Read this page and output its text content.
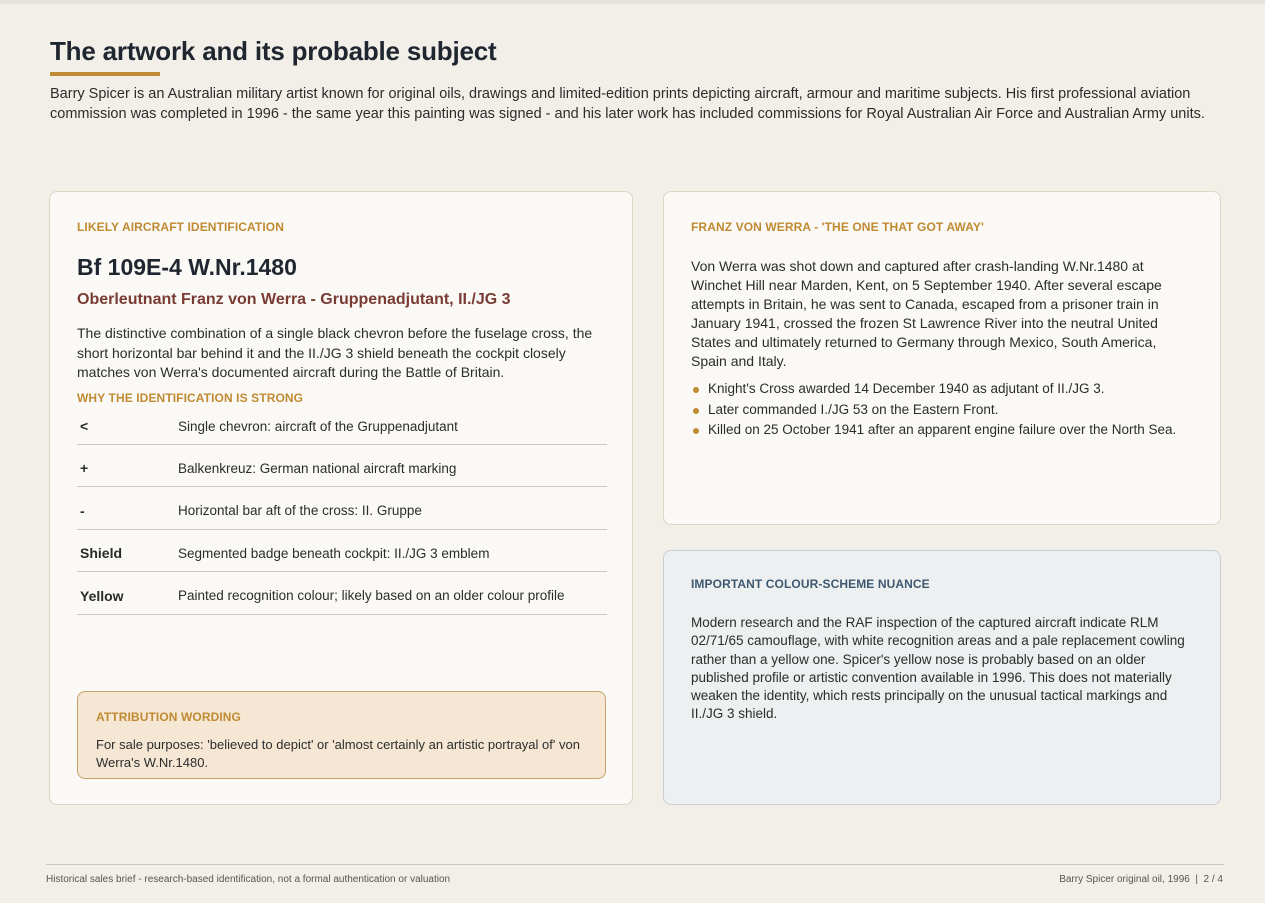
The artwork and its probable subject

Barry Spicer is an Australian military artist known for original oils, drawings and limited-edition prints depicting aircraft, armour and maritime subjects. His first professional aviation commission was completed in 1996 - the same year this painting was signed - and his later work has included commissions for Royal Australian Air Force and Australian Army units.

LIKELY AIRCRAFT IDENTIFICATION
Bf 109E-4 W.Nr.1480
Oberleutnant Franz von Werra - Gruppenadjutant, II./JG 3

The distinctive combination of a single black chevron before the fuselage cross, the short horizontal bar behind it and the II./JG 3 shield beneath the cockpit closely matches von Werra's documented aircraft during the Battle of Britain.

WHY THE IDENTIFICATION IS STRONG
<	Single chevron: aircraft of the Gruppenadjutant
+	Balkenkreuz: German national aircraft marking
-	Horizontal bar aft of the cross: II. Gruppe
Shield	Segmented badge beneath cockpit: II./JG 3 emblem
Yellow	Painted recognition colour; likely based on an older colour profile
ATTRIBUTION WORDING

For sale purposes: 'believed to depict' or 'almost certainly an artistic portrayal of' von Werra's W.Nr.1480.

FRANZ VON WERRA - 'THE ONE THAT GOT AWAY'

Von Werra was shot down and captured after crash-landing W.Nr.1480 at Winchet Hill near Marden, Kent, on 5 September 1940. After several escape attempts in Britain, he was sent to Canada, escaped from a prisoner train in January 1941, crossed the frozen St Lawrence River into the neutral United States and ultimately returned to Germany through Mexico, South America, Spain and Italy.

Knight's Cross awarded 14 December 1940 as adjutant of II./JG 3.
Later commanded I./JG 53 on the Eastern Front.
Killed on 25 October 1941 after an apparent engine failure over the North Sea.
IMPORTANT COLOUR-SCHEME NUANCE

Modern research and the RAF inspection of the captured aircraft indicate RLM 02/71/65 camouflage, with white recognition areas and a pale replacement cowling rather than a yellow one. Spicer's yellow nose is probably based on an older published profile or artistic convention available in 1996. This does not materially weaken the identity, which rests principally on the unusual tactical markings and II./JG 3 shield.

Historical sales brief - research-based identification, not a formal authentication or valuation	Barry Spicer original oil, 1996  |  2 / 4
